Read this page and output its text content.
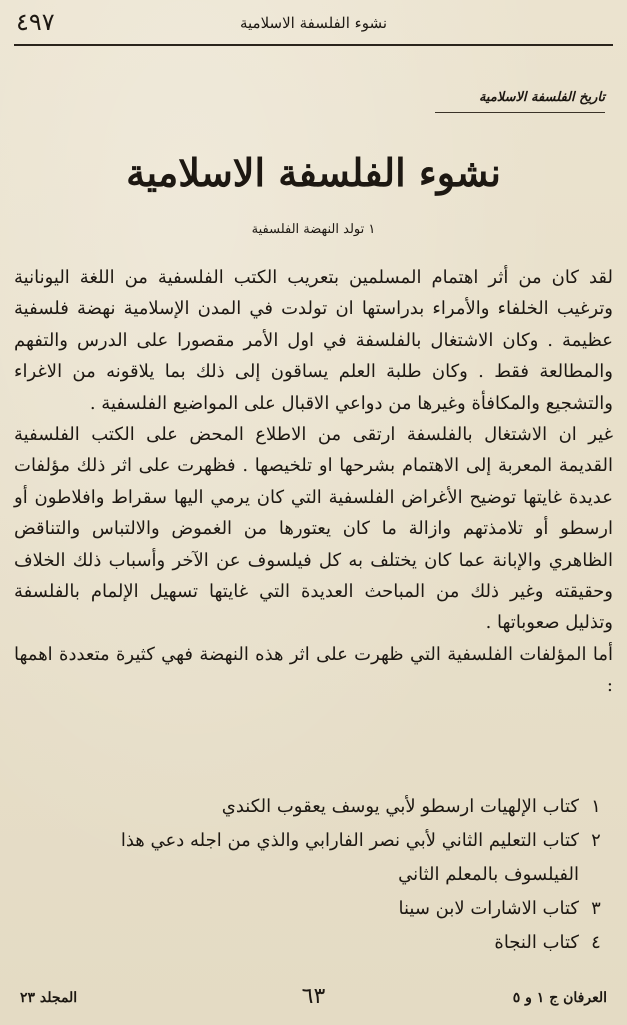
نشوء الفلسفة الاسلامية
٤٩٧
تاريخ الفلسفة الاسلامية
نشوء الفلسفة الاسلامية
١ تولد النهضة الفلسفية

لقد كان من أثر اهتمام المسلمين بتعريب الكتب الفلسفية من اللغة اليونانية وترغيب الخلفاء والأمراء بدراستها ان تولدت في المدن الإسلامية نهضة فلسفية عظيمة . وكان الاشتغال بالفلسفة في اول الأمر مقصورا على الدرس والتفهم والمطالعة فقط . وكان طلبة العلم يساقون إلى ذلك بما يلاقونه من الاغراء والتشجيع والمكافأة وغيرها من دواعي الاقبال على المواضيع الفلسفية .

غير ان الاشتغال بالفلسفة ارتقى من الاطلاع المحض على الكتب الفلسفية القديمة المعربة إلى الاهتمام بشرحها او تلخيصها . فظهرت على اثر ذلك مؤلفات عديدة غايتها توضيح الأغراض الفلسفية التي كان يرمي اليها سقراط وافلاطون أو ارسطو أو تلامذتهم وازالة ما كان يعتورها من الغموض والالتباس والتناقض الظاهري والإبانة عما كان يختلف به كل فيلسوف عن الآخر وأسباب ذلك الخلاف وحقيقته وغير ذلك من المباحث العديدة التي غايتها تسهيل الإلمام بالفلسفة وتذليل صعوباتها .

أما المؤلفات الفلسفية التي ظهرت على اثر هذه النهضة فهي كثيرة متعددة اهمها :

١كتاب الإلهيات ارسطو لأبي يوسف يعقوب الكندي
٢كتاب التعليم الثاني لأبي نصر الفارابي والذي من اجله دعي هذا
الفيلسوف بالمعلم الثاني
٣كتاب الاشارات لابن سينا
٤كتاب النجاة
العرفان ج ١ و ٥
٦٣
المجلد ٢٣
